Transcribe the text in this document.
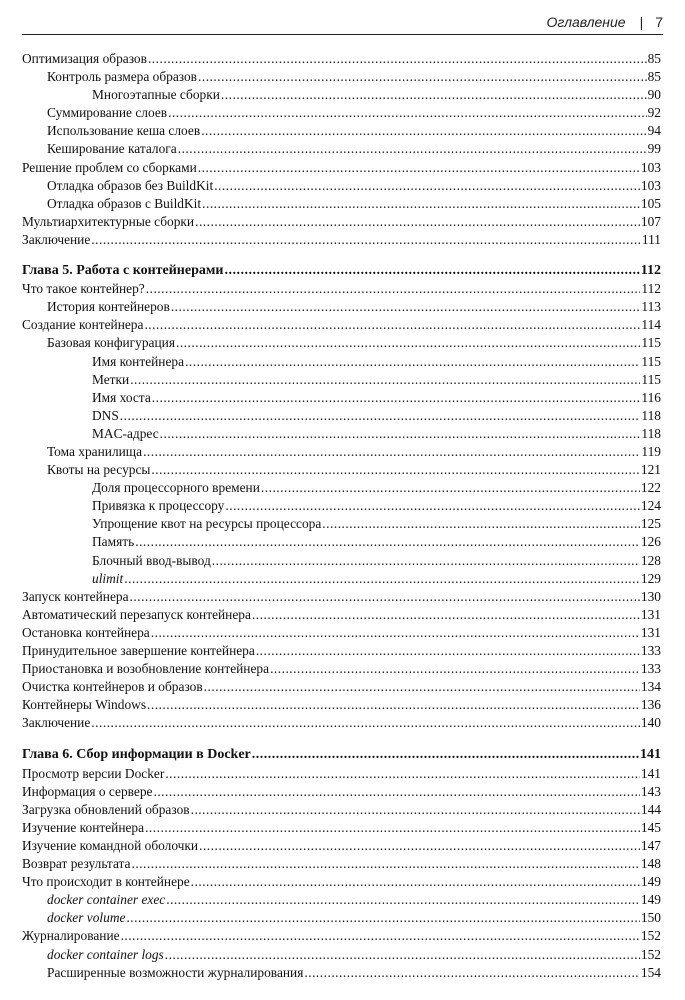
Оглавление | 7
Оптимизация образов .....	85
Контроль размера образов .....	85
Многоэтапные сборки .....	90
Суммирование слоев .....	92
Использование кеша слоев .....	94
Кеширование каталога .....	99
Решение проблем со сборками .....	103
Отладка образов без BuildKit .....	103
Отладка образов с BuildKit .....	105
Мультиархитектурные сборки .....	107
Заключение .....	111
Глава 5. Работа с контейнерами .....	112
Что такое контейнер? .....	112
История контейнеров .....	113
Создание контейнера .....	114
Базовая конфигурация .....	115
Имя контейнера .....	115
Метки .....	115
Имя хоста .....	116
DNS .....	118
MAC-адрес .....	118
Тома хранилища .....	119
Квоты на ресурсы .....	121
Доля процессорного времени .....	122
Привязка к процессору .....	124
Упрощение квот на ресурсы процессора .....	125
Память .....	126
Блочный ввод-вывод .....	128
ulimit .....	129
Запуск контейнера .....	130
Автоматический перезапуск контейнера .....	131
Остановка контейнера .....	131
Принудительное завершение контейнера .....	133
Приостановка и возобновление контейнера .....	133
Очистка контейнеров и образов .....	134
Контейнеры Windows .....	136
Заключение .....	140
Глава 6. Сбор информации в Docker .....	141
Просмотр версии Docker .....	141
Информация о сервере .....	143
Загрузка обновлений образов .....	144
Изучение контейнера .....	145
Изучение командной оболочки .....	147
Возврат результата .....	148
Что происходит в контейнере .....	149
docker container exec .....	149
docker volume .....	150
Журналирование .....	152
docker container logs .....	152
Расширенные возможности журналирования .....	154
